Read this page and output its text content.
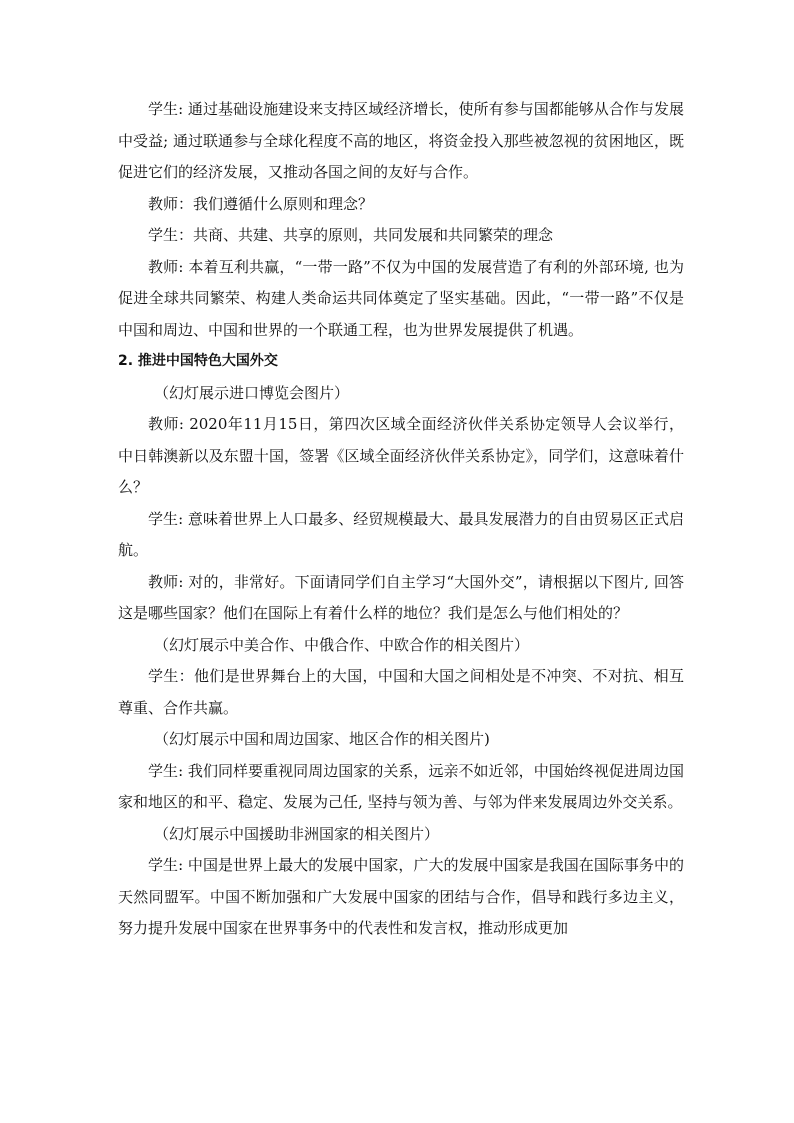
学生: 通过基础设施建设来支持区域经济增长，使所有参与国都能够从合作与发展中受益; 通过联通参与全球化程度不高的地区，将资金投入那些被忽视的贫困地区，既促进它们的经济发展，又推动各国之间的友好与合作。

教师：我们遵循什么原则和理念？

学生：共商、共建、共享的原则，共同发展和共同繁荣的理念

教师: 本着互利共赢，“一带一路”不仅为中国的发展营造了有利的外部环境, 也为促进全球共同繁荣、构建人类命运共同体奠定了坚实基础。因此，“一带一路”不仅是中国和周边、中国和世界的一个联通工程，也为世界发展提供了机遇。

2. 推进中国特色大国外交

（幻灯展示进口博览会图片）

教师: 2020年11月15日，第四次区域全面经济伙伴关系协定领导人会议举行，中日韩澳新以及东盟十国，签署《区域全面经济伙伴关系协定》，同学们，这意味着什么？

学生: 意味着世界上人口最多、经贸规模最大、最具发展潜力的自由贸易区正式启航。

教师: 对的，非常好。下面请同学们自主学习“大国外交”，请根据以下图片, 回答这是哪些国家？他们在国际上有着什么样的地位？我们是怎么与他们相处的？

（幻灯展示中美合作、中俄合作、中欧合作的相关图片）

学生：他们是世界舞台上的大国，中国和大国之间相处是不冲突、不对抗、相互尊重、合作共赢。

（幻灯展示中国和周边国家、地区合作的相关图片)

学生: 我们同样要重视同周边国家的关系，远亲不如近邻，中国始终视促进周边国家和地区的和平、稳定、发展为己任, 坚持与领为善、与邻为伴来发展周边外交关系。

（幻灯展示中国援助非洲国家的相关图片）

学生: 中国是世界上最大的发展中国家，广大的发展中国家是我国在国际事务中的天然同盟军。中国不断加强和广大发展中国家的团结与合作，倡导和践行多边主义，努力提升发展中国家在世界事务中的代表性和发言权，推动形成更加
